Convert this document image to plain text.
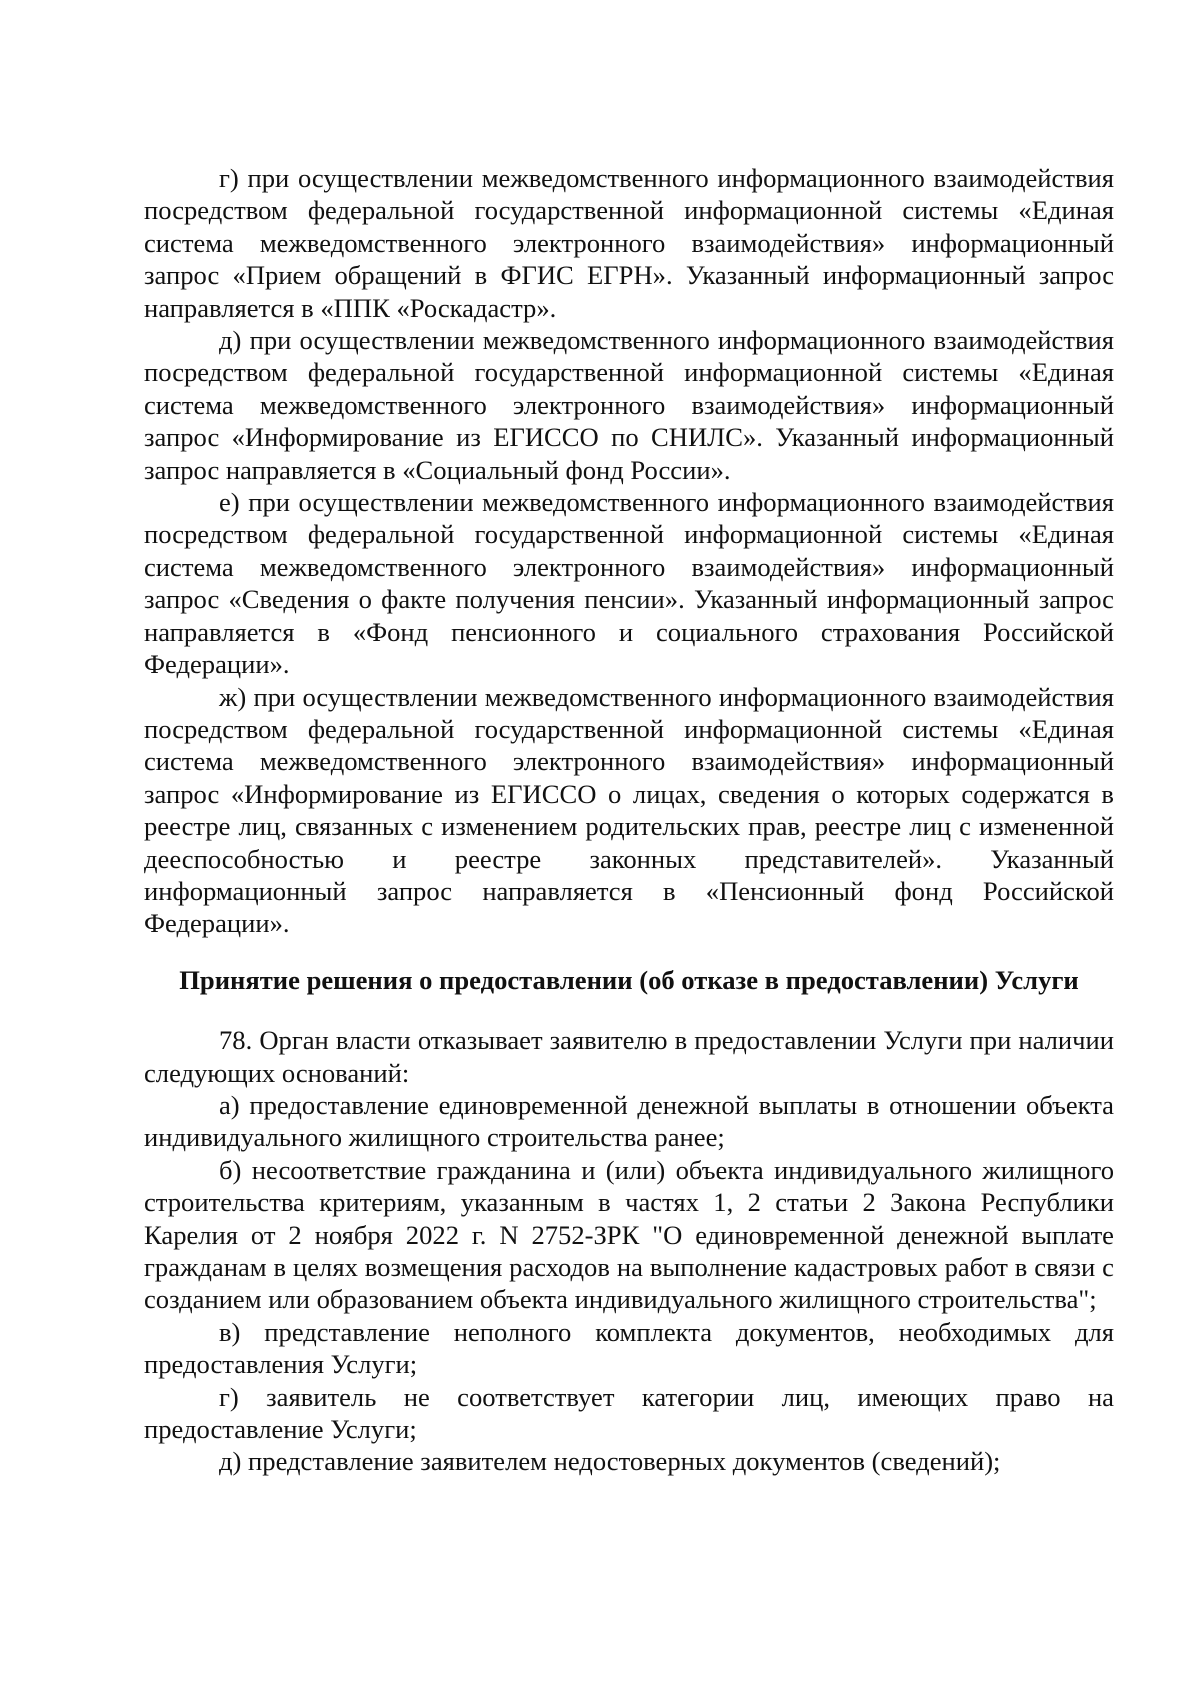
г) при осуществлении межведомственного информационного взаимодействия посредством федеральной государственной информационной системы «Единая система межведомственного электронного взаимодействия» информационный запрос «Прием обращений в ФГИС ЕГРН». Указанный информационный запрос направляется в «ППК «Роскадастр».

д) при осуществлении межведомственного информационного взаимодействия посредством федеральной государственной информационной системы «Единая система межведомственного электронного взаимодействия» информационный запрос «Информирование из ЕГИССО по СНИЛС». Указанный информационный запрос направляется в «Социальный фонд России».

е) при осуществлении межведомственного информационного взаимодействия посредством федеральной государственной информационной системы «Единая система межведомственного электронного взаимодействия» информационный запрос «Сведения о факте получения пенсии». Указанный информационный запрос направляется в «Фонд пенсионного и социального страхования Российской Федерации».

ж) при осуществлении межведомственного информационного взаимодействия посредством федеральной государственной информационной системы «Единая система межведомственного электронного взаимодействия» информационный запрос «Информирование из ЕГИССО о лицах, сведения о которых содержатся в реестре лиц, связанных с изменением родительских прав, реестре лиц с измененной дееспособностью и реестре законных представителей». Указанный информационный запрос направляется в «Пенсионный фонд Российской Федерации».

Принятие решения о предоставлении (об отказе в предоставлении) Услуги

78. Орган власти отказывает заявителю в предоставлении Услуги при наличии следующих оснований:

а) предоставление единовременной денежной выплаты в отношении объекта индивидуального жилищного строительства ранее;

б) несоответствие гражданина и (или) объекта индивидуального жилищного строительства критериям, указанным в частях 1, 2 статьи 2 Закона Республики Карелия от 2 ноября 2022 г. N 2752-ЗРК "О единовременной денежной выплате гражданам в целях возмещения расходов на выполнение кадастровых работ в связи с созданием или образованием объекта индивидуального жилищного строительства";

в) представление неполного комплекта документов, необходимых для предоставления Услуги;

г) заявитель не соответствует категории лиц, имеющих право на предоставление Услуги;

д) представление заявителем недостоверных документов (сведений);
